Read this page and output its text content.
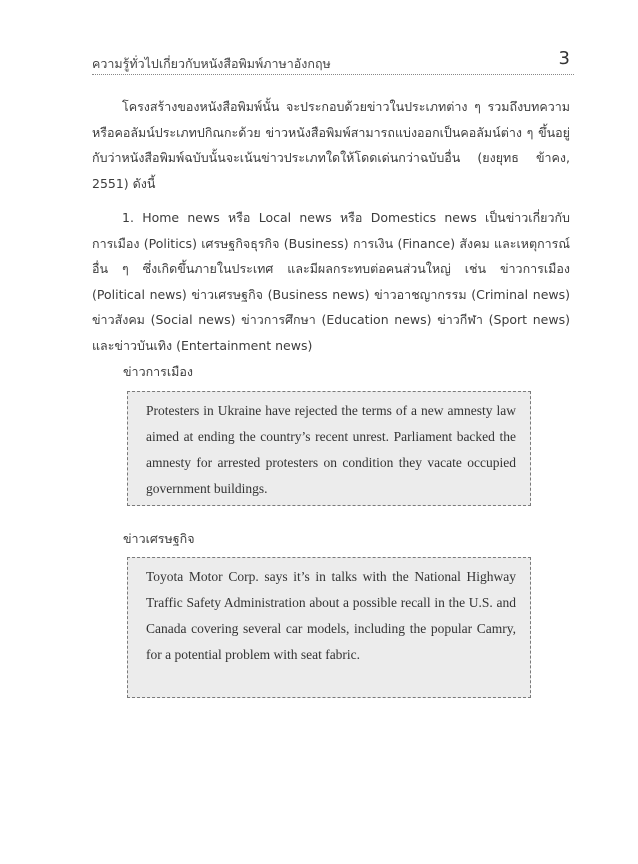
ความรู้ทั่วไปเกี่ยวกับหนังสือพิมพ์ภาษาอังกฤษ	3

โครงสร้างของหนังสือพิมพ์นั้น จะประกอบด้วยข่าวในประเภทต่าง ๆ รวมถึงบทความหรือคอลัมน์ประเภทปกิณกะด้วย ข่าวหนังสือพิมพ์สามารถแบ่งออกเป็นคอลัมน์ต่าง ๆ ขึ้นอยู่กับว่าหนังสือพิมพ์ฉบับนั้นจะเน้นข่าวประเภทใดให้โดดเด่นกว่าฉบับอื่น (ยงยุทธ ข้าคง, 2551) ดังนี้

1. Home news หรือ Local news หรือ Domestics news เป็นข่าวเกี่ยวกับการเมือง (Politics) เศรษฐกิจธุรกิจ (Business) การเงิน (Finance) สังคม และเหตุการณ์อื่น ๆ ซึ่งเกิดขึ้นภายในประเทศ และมีผลกระทบต่อคนส่วนใหญ่ เช่น ข่าวการเมือง (Political news) ข่าวเศรษฐกิจ (Business news) ข่าวอาชญากรรม (Criminal news) ข่าวสังคม (Social news) ข่าวการศึกษา (Education news) ข่าวกีฬา (Sport news) และข่าวบันเทิง (Entertainment news)

ข่าวการเมือง

Protesters in Ukraine have rejected the terms of a new amnesty law aimed at ending the country’s recent unrest. Parliament backed the amnesty for arrested protesters on condition they vacate occupied government buildings.

ข่าวเศรษฐกิจ

Toyota Motor Corp. says it’s in talks with the National Highway Traffic Safety Administration about a possible recall in the U.S. and Canada covering several car models, including the popular Camry, for a potential problem with seat fabric.
